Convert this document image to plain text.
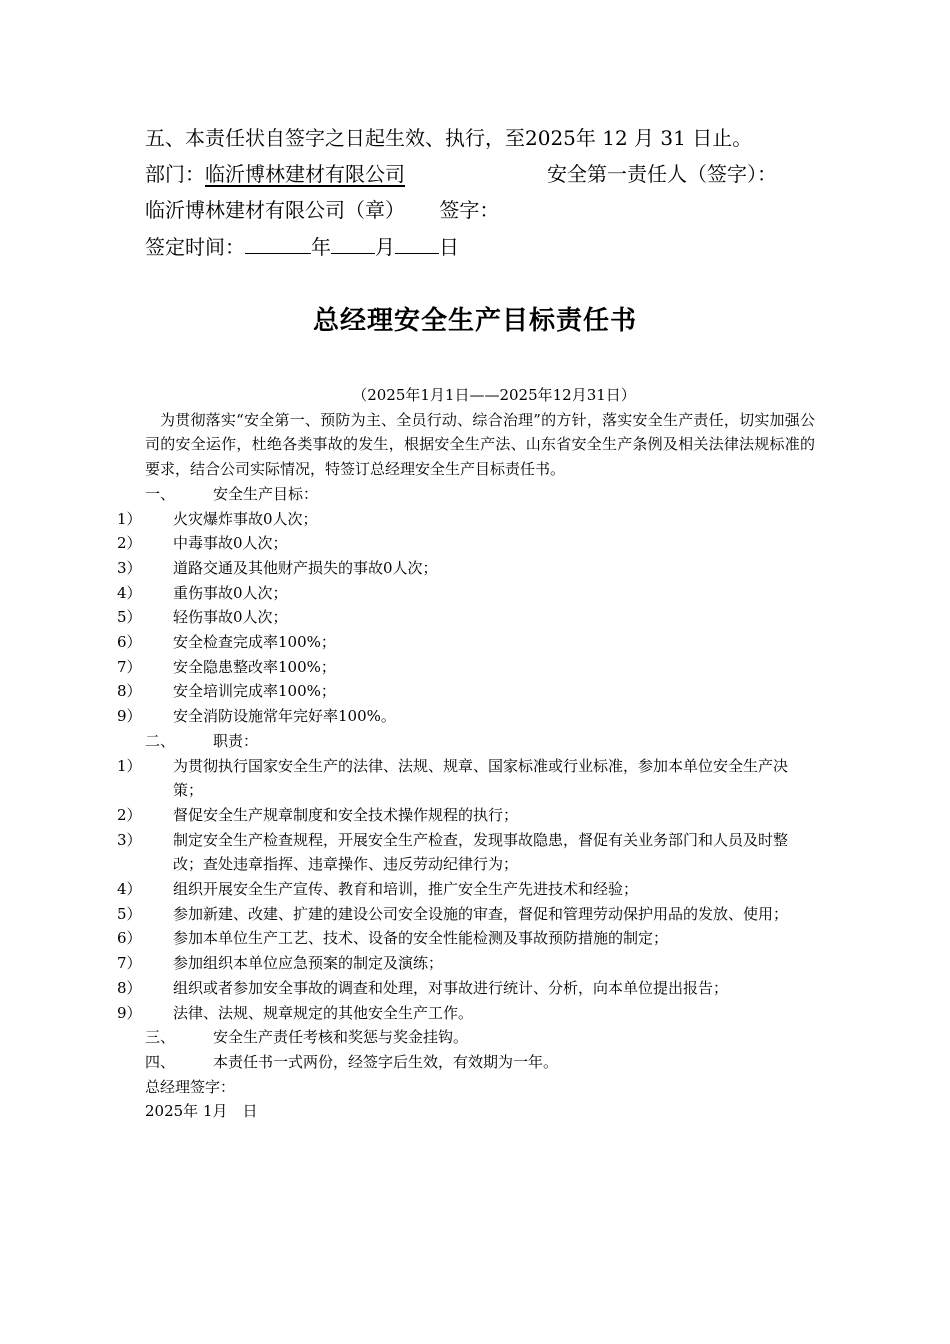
五、本责任状自签字之日起生效、执行，至2025年 12 月 31 日止。
部门：临沂博林建材有限公司	安全第一责任人（签字）：
临沂博林建材有限公司（章） 签字：
签定时间：	年 月 日
总经理安全生产目标责任书
（2025年1月1日——2025年12月31日）
为贯彻落实“安全第一、预防为主、全员行动、综合治理”的方针，落实安全生产责任，切实加强公司的安全运作，杜绝各类事故的发生，根据安全生产法、山东省安全生产条例及相关法律法规标准的要求，结合公司实际情况，特签订总经理安全生产目标责任书。
一、	安全生产目标：
1） 火灾爆炸事故0人次；
2） 中毒事故0人次；
3） 道路交通及其他财产损失的事故0人次；
4） 重伤事故0人次；
5） 轻伤事故0人次；
6） 安全检查完成率100%；
7） 安全隐患整改率100%；
8） 安全培训完成率100%；
9） 安全消防设施常年完好率100%。
二、	职责：
1） 为贯彻执行国家安全生产的法律、法规、规章、国家标准或行业标准，参加本单位安全生产决策；
2） 督促安全生产规章制度和安全技术操作规程的执行；
3） 制定安全生产检查规程，开展安全生产检查，发现事故隐患，督促有关业务部门和人员及时整改；查处违章指挥、违章操作、违反劳动纪律行为；
4） 组织开展安全生产宣传、教育和培训，推广安全生产先进技术和经验；
5） 参加新建、改建、扩建的建设公司安全设施的审查，督促和管理劳动保护用品的发放、使用；
6） 参加本单位生产工艺、技术、设备的安全性能检测及事故预防措施的制定；
7） 参加组织本单位应急预案的制定及演练；
8） 组织或者参加安全事故的调查和处理，对事故进行统计、分析，向本单位提出报告；
9） 法律、法规、规章规定的其他安全生产工作。
三、	安全生产责任考核和奖惩与奖金挂钩。
四、	本责任书一式两份，经签字后生效，有效期为一年。
总经理签字：
2025年 1月　日
